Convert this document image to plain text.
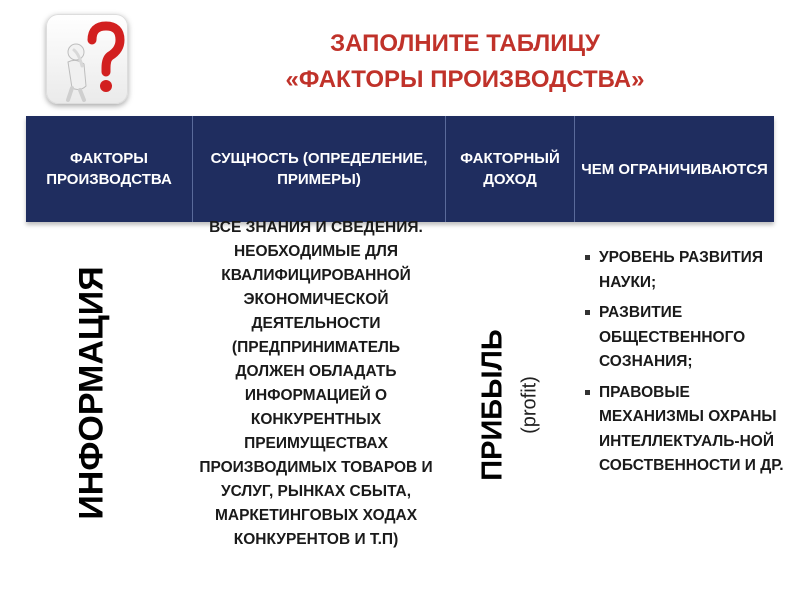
ЗАПОЛНИТЕ ТАБЛИЦУ
«ФАКТОРЫ ПРОИЗВОДСТВА»
ФАКТОРЫ ПРОИЗВОДСТВА
СУЩНОСТЬ (ОПРЕДЕЛЕНИЕ, ПРИМЕРЫ)
ФАКТОРНЫЙ ДОХОД
ЧЕМ ОГРАНИЧИВАЮТСЯ
ИНФОРМАЦИЯ

ВСЕ ЗНАНИЯ И СВЕДЕНИЯ. НЕОБХОДИМЫЕ ДЛЯ КВАЛИФИЦИРОВАННОЙ ЭКОНОМИЧЕСКОЙ ДЕЯТЕЛЬНОСТИ

(ПРЕДПРИНИМАТЕЛЬ ДОЛЖЕН ОБЛАДАТЬ ИНФОРМАЦИЕЙ О КОНКУРЕНТНЫХ ПРЕИМУЩЕСТВАХ ПРОИЗВОДИМЫХ ТОВАРОВ И УСЛУГ, РЫНКАХ СБЫТА, МАРКЕТИНГОВЫХ ХОДАХ КОНКУРЕНТОВ И Т.П)

ПРИБЫЛЬ (profit)
УРОВЕНЬ РАЗВИТИЯ НАУКИ;
РАЗВИТИЕ ОБЩЕСТВЕННОГО СОЗНАНИЯ;
ПРАВОВЫЕ МЕХАНИЗМЫ ОХРАНЫ ИНТЕЛЛЕКТУАЛЬ-НОЙ СОБСТВЕННОСТИ И ДР.
